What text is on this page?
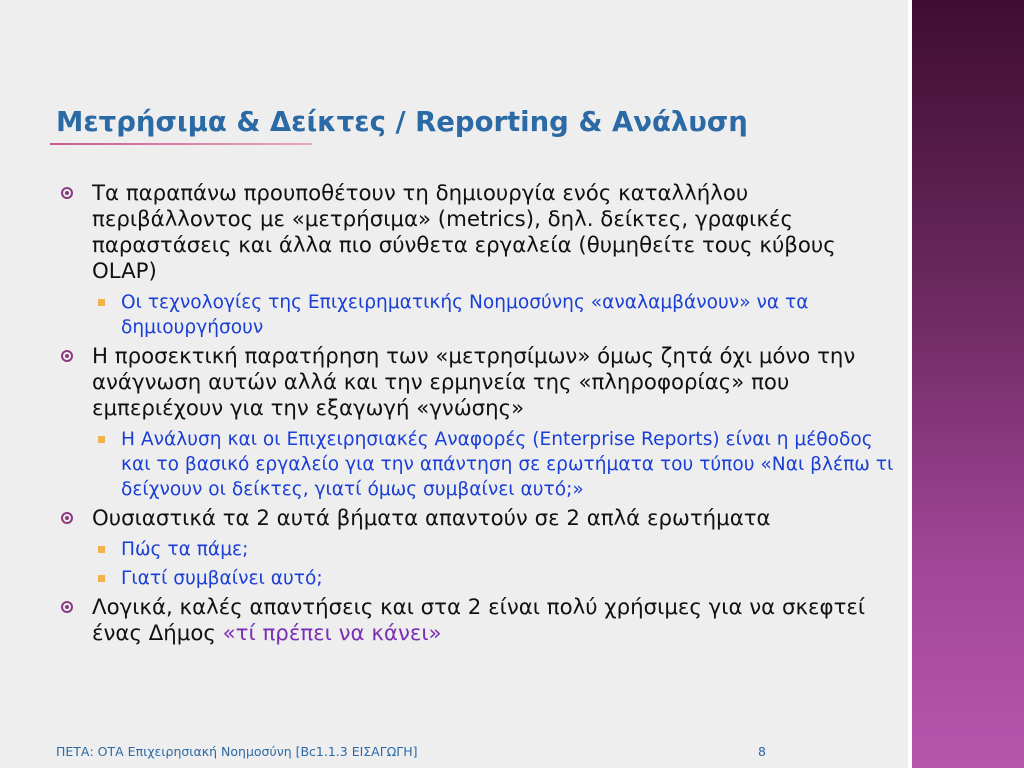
Μετρήσιμα & Δείκτες / Reporting & Ανάλυση
Τα παραπάνω προυποθέτουν τη δημιουργία ενός καταλλήλου περιβάλλοντος με «μετρήσιμα» (metrics), δηλ. δείκτες, γραφικές παραστάσεις και άλλα πιο σύνθετα εργαλεία (θυμηθείτε τους κύβους OLAP)
Οι τεχνολογίες της Επιχειρηματικής Νοημοσύνης «αναλαμβάνουν» να τα δημιουργήσουν
Η προσεκτική παρατήρηση των «μετρησίμων» όμως ζητά όχι μόνο την ανάγνωση αυτών αλλά και την ερμηνεία της «πληροφορίας» που εμπεριέχουν για την εξαγωγή «γνώσης»
Η Ανάλυση και οι Επιχειρησιακές Αναφορές (Enterprise Reports) είναι η μέθοδος και το βασικό εργαλείο για την απάντηση σε ερωτήματα του τύπου «Ναι βλέπω τι δείχνουν οι δείκτες, γιατί όμως συμβαίνει αυτό;»
Ουσιαστικά τα 2 αυτά βήματα απαντούν σε 2 απλά ερωτήματα
Πώς τα πάμε;
Γιατί συμβαίνει αυτό;
Λογικά, καλές απαντήσεις και στα 2 είναι πολύ χρήσιμες για να σκεφτεί ένας Δήμος «τί πρέπει να κάνει»
ΠΕΤΑ: ΟΤΑ Επιχειρησιακή Νοημοσύνη [Bc1.1.3 ΕΙΣΑΓΩΓΗ]	8
